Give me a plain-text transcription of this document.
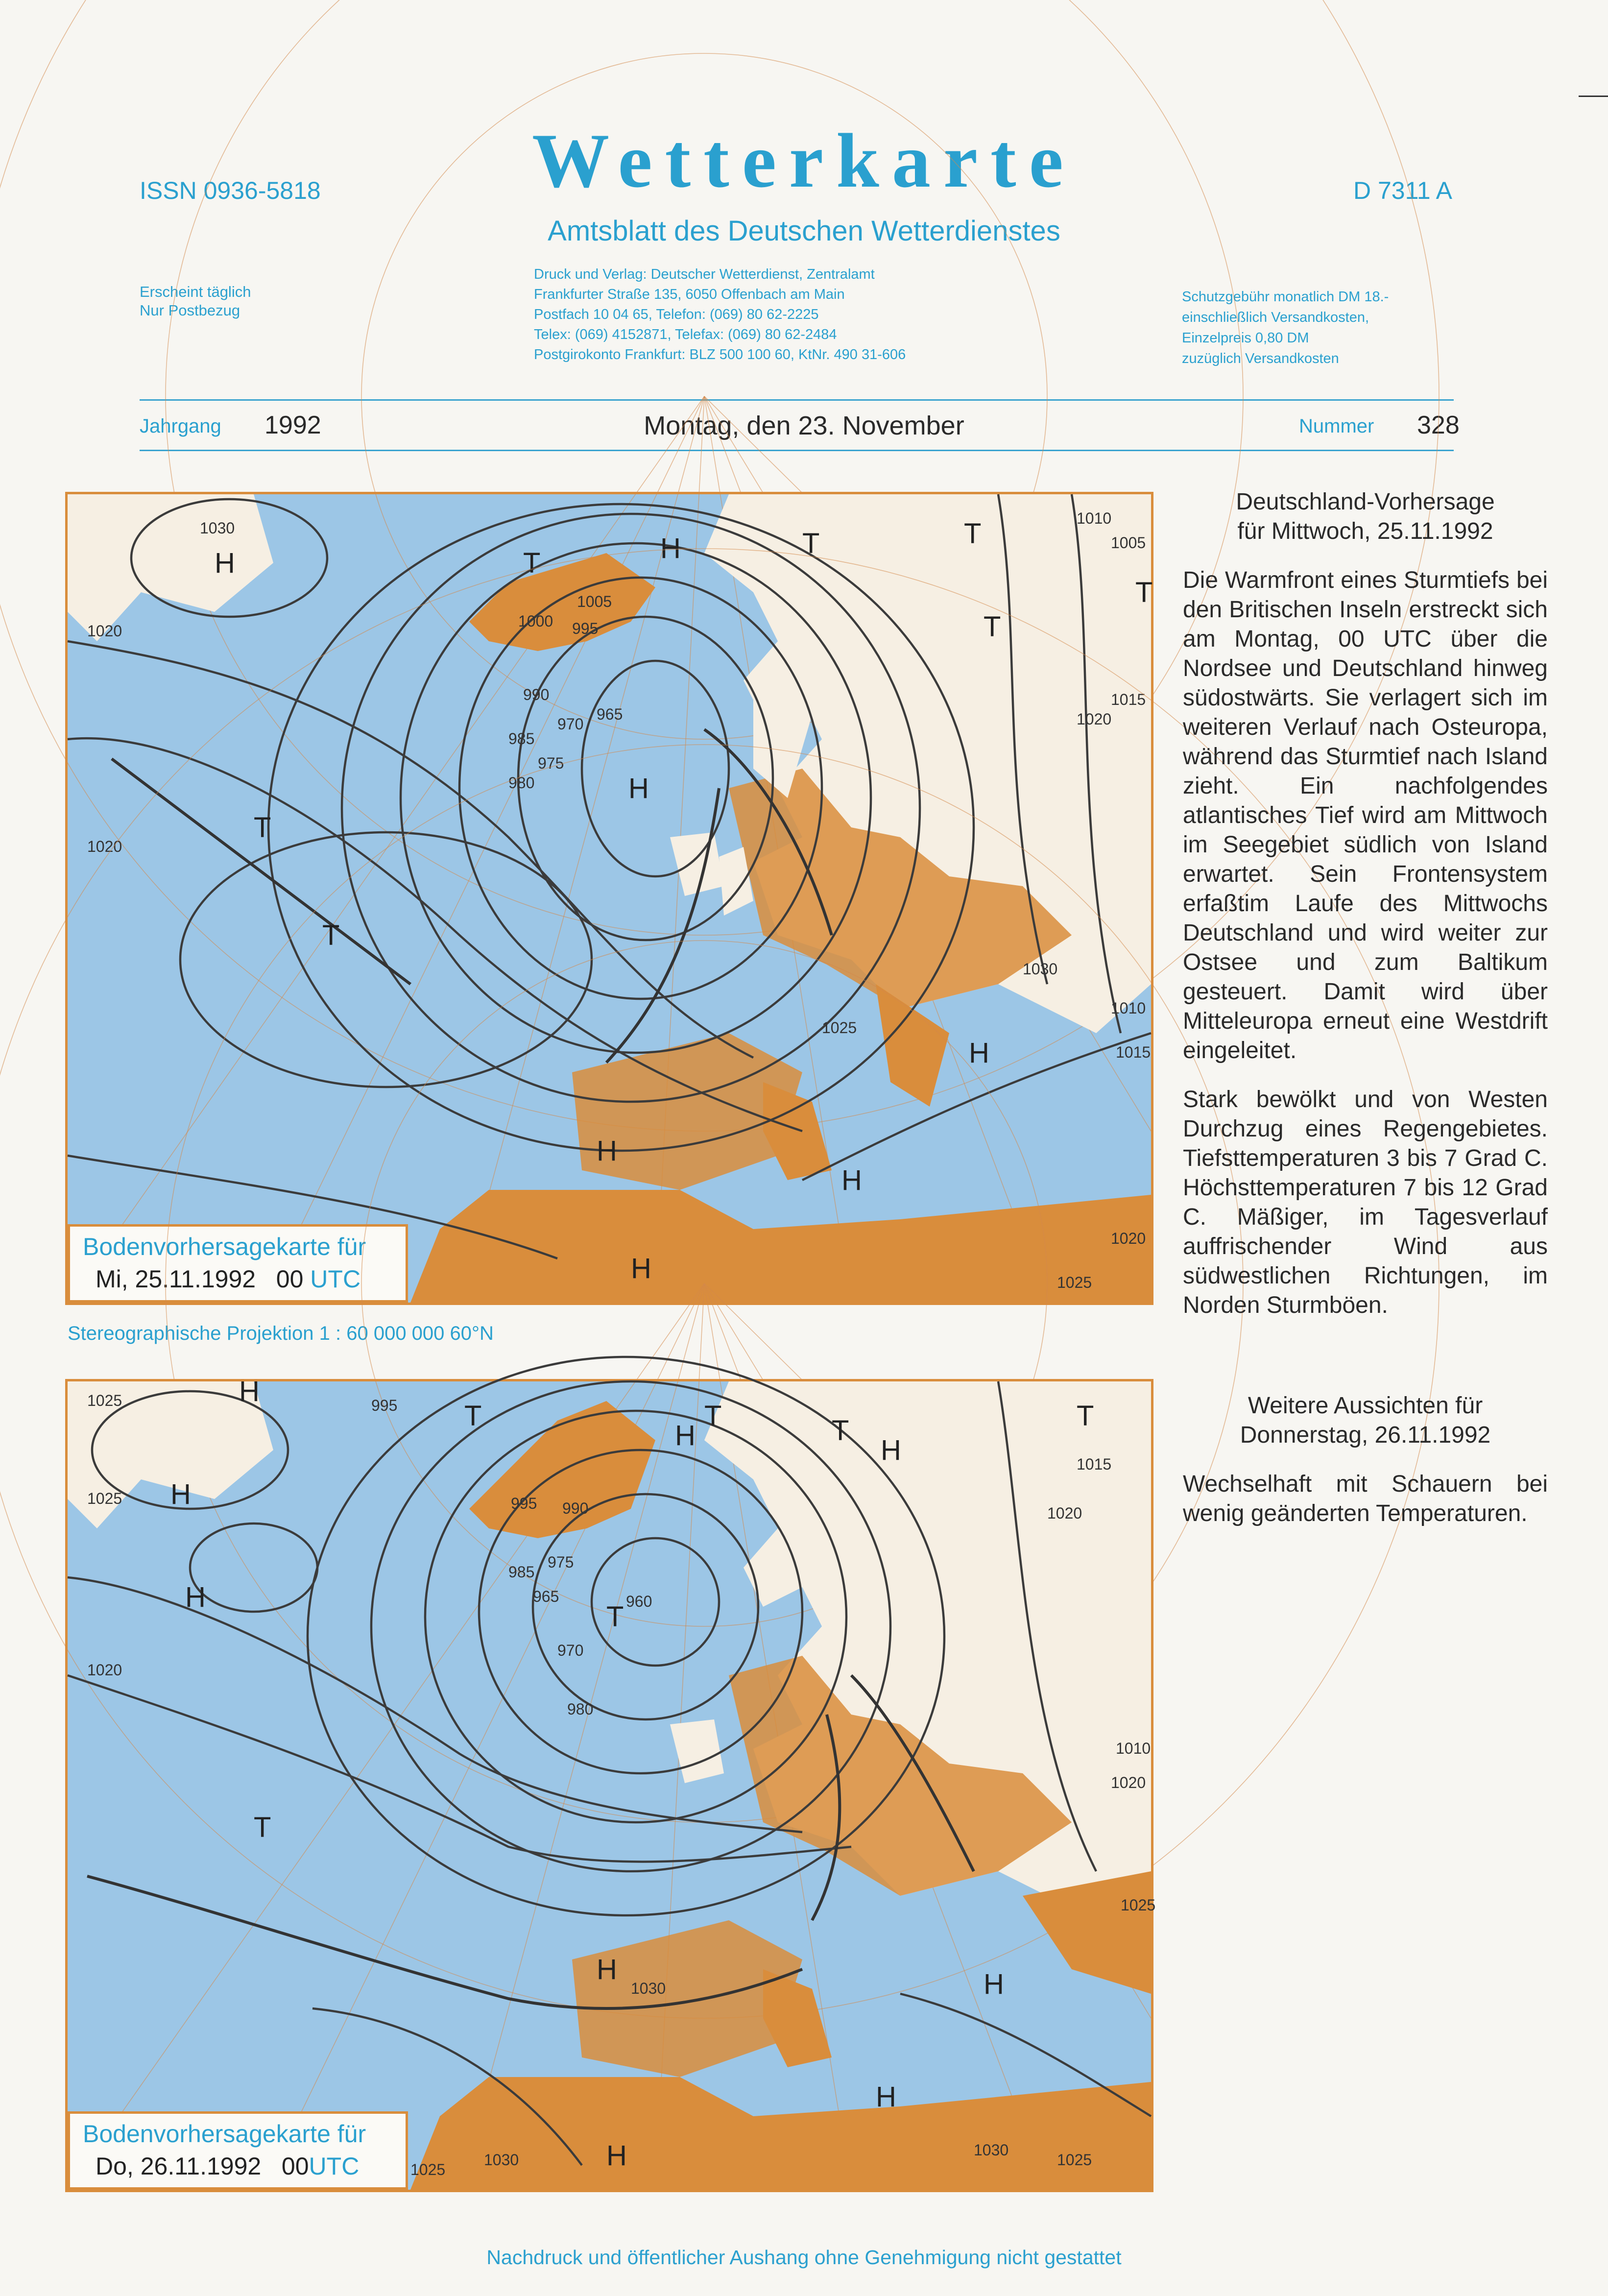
ISSN 0936-5818	D 7311 A
Wetterkarte
Amtsblatt des Deutschen Wetterdienstes
Erscheint täglich
Nur Postbezug
Druck und Verlag: Deutscher Wetterdienst, Zentralamt
Frankfurter Straße 135, 6050 Offenbach am Main
Postfach 10 04 65, Telefon: (069) 80 62-2225
Telex: (069) 4152871, Telefax: (069) 80 62-2484
Postgirokonto Frankfurt: BLZ 500 100 60, KtNr. 490 31-606
Schutzgebühr monatlich DM 18.-
einschließlich Versandkosten,
Einzelpreis 0,80 DM
zuzüglich Versandkosten
Jahrgang 1992	Montag, den 23. November	Nummer 328
H	T	H	T	T
H
T
T
T
T
H
H
H
H
1030
1020
1005
1000 995
990
985
980
975
970
965
1020
1025
1030
1010
1005
1015
1020
1025
1015
1010
1020
Bodenvorhersagekarte für
Mi, 25.11.1992 00 UTC
Stereographische Projektion 1 : 60 000 000 60°N
H
T
H
H
T
H	T
H
H
H
H
H
T
T
T
1025
995
995
990
985
975
965	960
970
980
1020
1025
1015
1020
1010
1020
1025
1030
1030
1030
1025
1025
Bodenvorhersagekarte für
Do, 26.11.1992 00UTC
Deutschland-Vorhersage
für Mittwoch, 25.11.1992
Die Warmfront eines Sturmtiefs bei den Britischen Inseln erstreckt sich am Montag, 00 UTC über die Nordsee und Deutschland hinweg südostwärts. Sie verlagert sich im weiteren Verlauf nach Osteuropa, während das Sturmtief nach Island zieht. Ein nachfolgendes atlantisches Tief wird am Mittwoch im Seegebiet südlich von Island erwartet. Sein Frontensystem erfaßtim Laufe des Mittwochs Deutschland und wird weiter zur Ostsee und zum Baltikum gesteuert. Damit wird über Mitteleuropa erneut eine Westdrift eingeleitet.
Stark bewölkt und von Westen Durchzug eines Regengebietes. Tiefsttemperaturen 3 bis 7 Grad C. Höchsttemperaturen 7 bis 12 Grad C. Mäßiger, im Tagesverlauf auffrischender Wind aus südwestlichen Richtungen, im Norden Sturmböen.
Weitere Aussichten für
Donnerstag, 26.11.1992
Wechselhaft mit Schauern bei wenig geänderten Temperaturen.
Nachdruck und öffentlicher Aushang ohne Genehmigung nicht gestattet
